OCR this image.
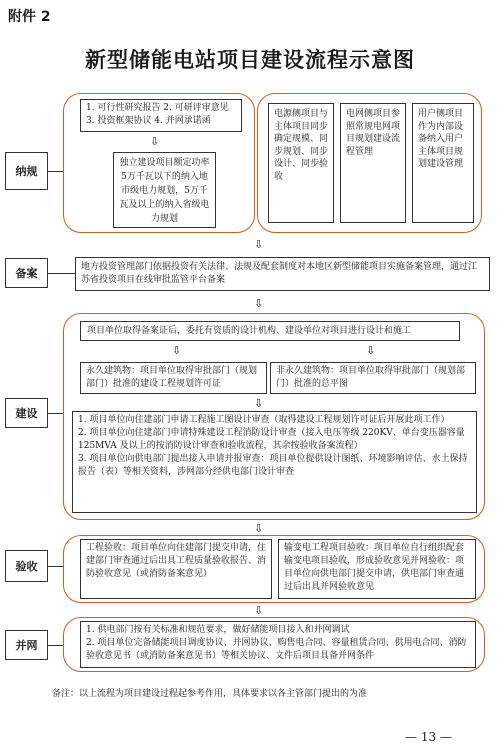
附件 2
新型储能电站项目建设流程示意图
纳规
备案
建设
验收
并网
1. 可行性研究报告 2. 可研评审意见
3. 投资框架协议 4. 并网承诺函
⇩
独立建设项目额定功率5万千瓦以下的纳入地市级电力规划，5万千瓦及以上的纳入省级电力规划
电源侧项目与主体项目同步确定规模、同步规划、同步设计、同步验收
电网侧项目参照常规电网项目规划建设流程管理
用户侧项目作为内部设备纳入用户主体项目规划建设管理
⇩
地方投资管理部门依据投资有关法律、法规及配套制度对本地区新型储能项目实施备案管理，通过江苏省投资项目在线审批监管平台备案
⇩
项目单位取得备案证后，委托有资质的设计机构、建设单位对项目进行设计和施工
⇩	⇩
永久建筑物：项目单位取得审批部门（规划部门）批准的建设工程规划许可证
非永久建筑物：项目单位取得审批部门（规划部门）批准的总平图
⇩
1. 项目单位向住建部门申请工程施工图设计审查（取得建设工程规划许可证后开展此项工作）
2. 项目单位向住建部门申请特殊建设工程消防设计审查（接入电压等级 220KV、单台变压器容量 125MVA 及以上的按消防设计审查和验收流程，其余按验收备案流程）
3. 项目单位向供电部门提出接入申请并报审查：项目单位提供设计图纸、环境影响评估、水土保持报告（表）等相关资料，涉网部分经供电部门设计审查
⇩
工程验收：项目单位向住建部门提交申请，住建部门审查通过后出具工程质量验收报告、消防验收意见（或消防备案意见）
输变电工程项目验收：项目单位自行组织配套输变电项目验收，形成验收意见并网验收：项目单位向供电部门提交申请，供电部门审查通过后出具并网验收意见
⇩
1. 供电部门按有关标准和规范要求，做好储能项目接入和并网调试
2. 项目单位完备储能项目调度协议、并网协议、购售电合同、容量租赁合同、供用电合同、消防验收意见书（或消防备案意见书）等相关协议、文件后项目具备并网条件
备注：以上流程为项目建设过程起参考作用，具体要求以各主管部门提出的为准
— 13 —
